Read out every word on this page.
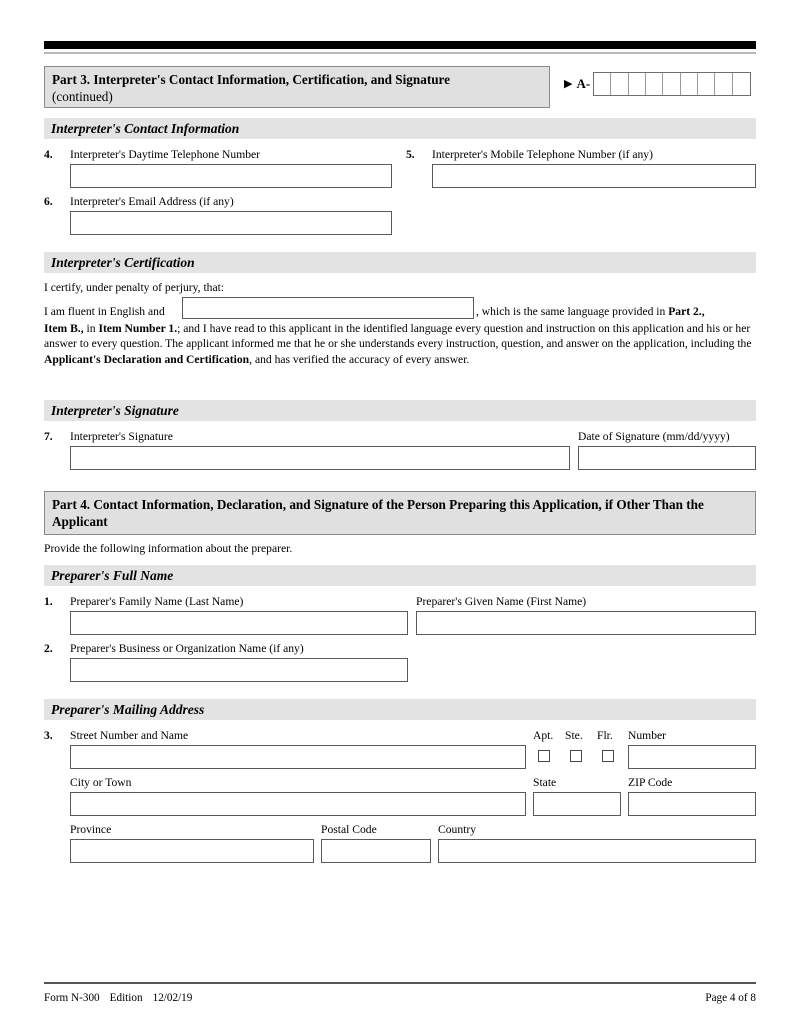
Part 3. Interpreter's Contact Information, Certification, and Signature
(continued)
▶ A-
Interpreter's Contact Information
4. Interpreter's Daytime Telephone Number	5. Interpreter's Mobile Telephone Number (if any)
6. Interpreter's Email Address (if any)
Interpreter's Certification
I certify, under penalty of perjury, that:
I am fluent in English and	, which is the same language provided in Part 2.,
Item B., in Item Number 1.; and I have read to this applicant in the identified language every question and instruction on this application and his or her answer to every question. The applicant informed me that he or she understands every instruction, question, and answer on the application, including the Applicant's Declaration and Certification, and has verified the accuracy of every answer.
Interpreter's Signature
7. Interpreter's Signature	Date of Signature (mm/dd/yyyy)
Part 4. Contact Information, Declaration, and Signature of the Person Preparing this Application, if Other Than the Applicant
Provide the following information about the preparer.
Preparer's Full Name
1. Preparer's Family Name (Last Name)	Preparer's Given Name (First Name)
2. Preparer's Business or Organization Name (if any)
Preparer's Mailing Address
3. Street Number and Name	Apt. Ste. Flr. Number
City or Town	State	ZIP Code
Province	Postal Code	Country
Form N-300 Edition 12/02/19	Page 4 of 8
